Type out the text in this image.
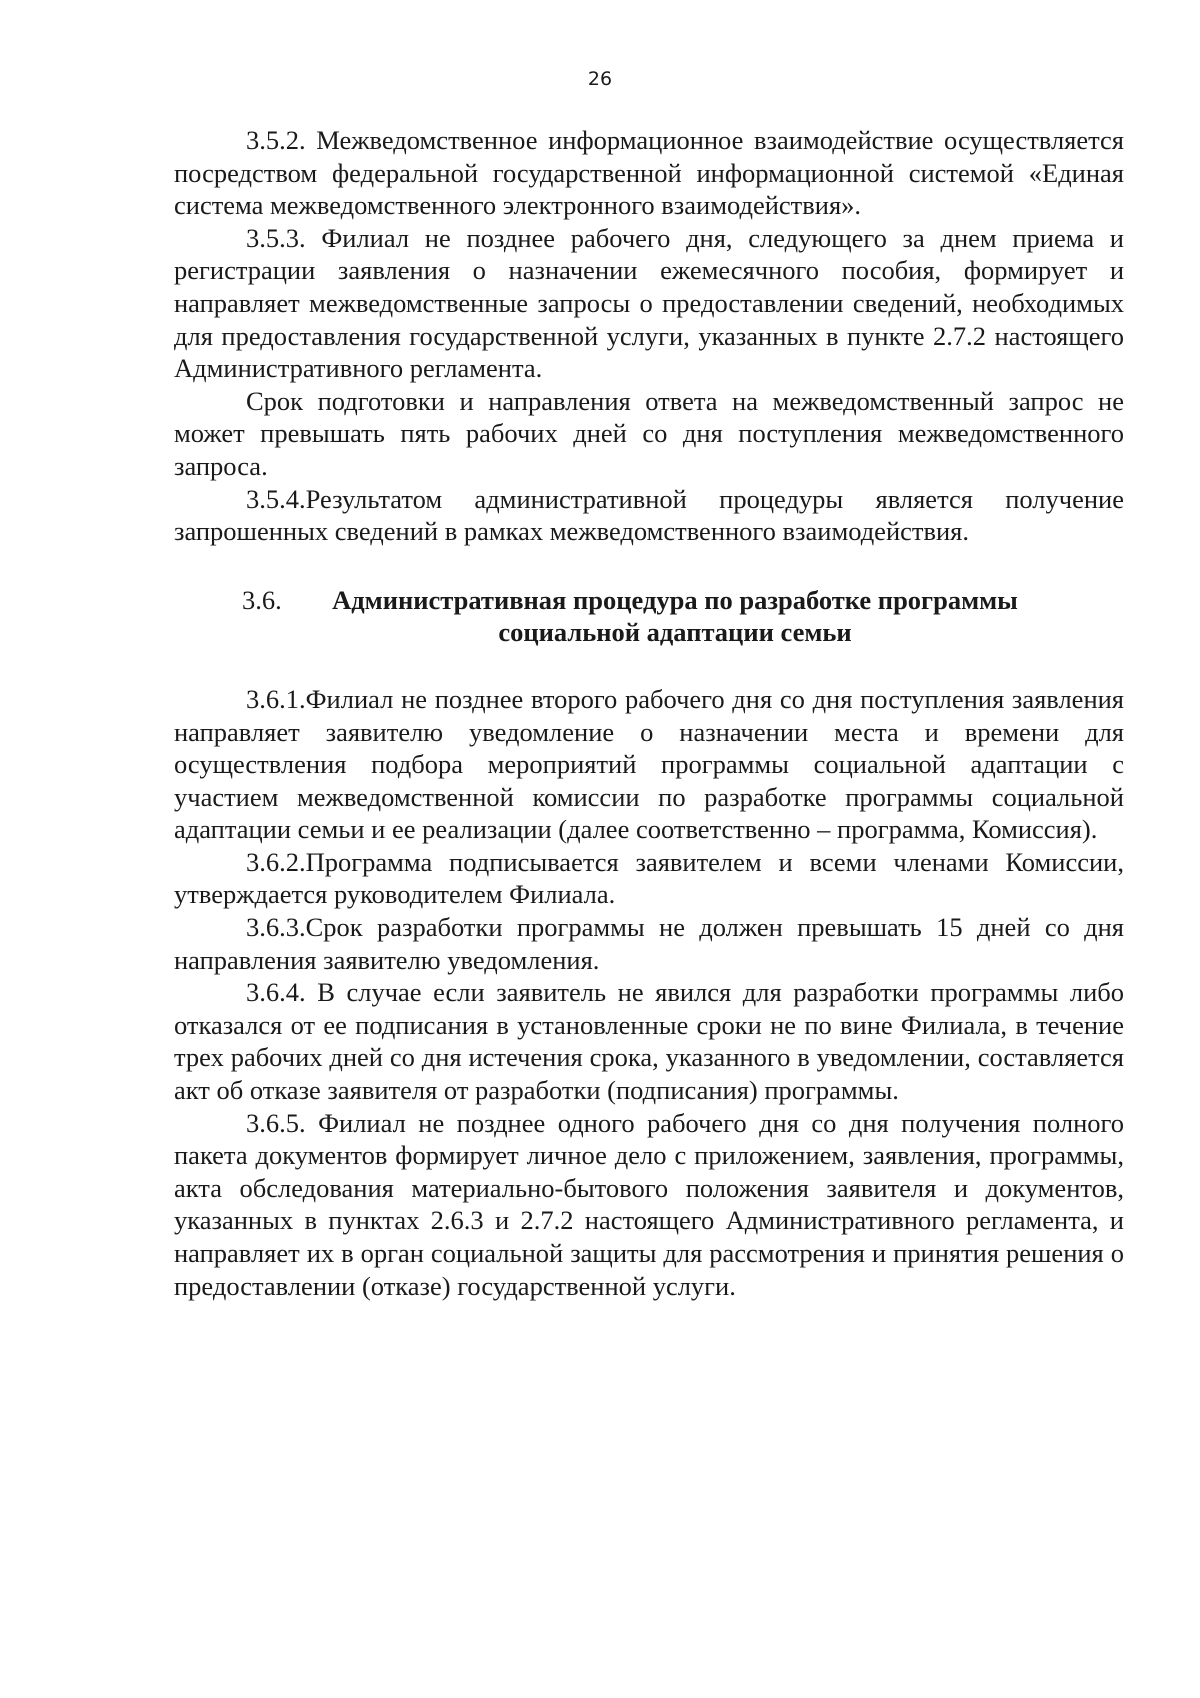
26

3.5.2. Межведомственное информационное взаимодействие осуществляется посредством федеральной государственной информационной системой «Единая система межведомственного электронного взаимодействия».

3.5.3. Филиал не позднее рабочего дня, следующего за днем приема и регистрации заявления о назначении ежемесячного пособия, формирует и направляет межведомственные запросы о предоставлении сведений, необходимых для предоставления государственной услуги, указанных в пункте 2.7.2 настоящего Административного регламента.

Срок подготовки и направления ответа на межведомственный запрос не может превышать пять рабочих дней со дня поступления межведомственного запроса.

3.5.4.Результатом административной процедуры является получение запрошенных сведений в рамках межведомственного взаимодействия.

3.6.	Административная процедура по разработке программы социальной адаптации семьи

3.6.1.Филиал не позднее второго рабочего дня со дня поступления заявления направляет заявителю уведомление о назначении места и времени для осуществления подбора мероприятий программы социальной адаптации с участием межведомственной комиссии по разработке программы социальной адаптации семьи и ее реализации (далее соответственно – программа, Комиссия).

3.6.2.Программа подписывается заявителем и всеми членами Комиссии, утверждается руководителем Филиала.

3.6.3.Срок разработки программы не должен превышать 15 дней со дня направления заявителю уведомления.

3.6.4. В случае если заявитель не явился для разработки программы либо отказался от ее подписания в установленные сроки не по вине Филиала, в течение трех рабочих дней со дня истечения срока, указанного в уведомлении, составляется акт об отказе заявителя от разработки (подписания) программы.

3.6.5. Филиал не позднее одного рабочего дня со дня получения полного пакета документов формирует личное дело с приложением, заявления, программы, акта обследования материально-бытового положения заявителя и документов, указанных в пунктах 2.6.3 и 2.7.2 настоящего Административного регламента, и направляет их в орган социальной защиты для рассмотрения и принятия решения о предоставлении (отказе) государственной услуги.
